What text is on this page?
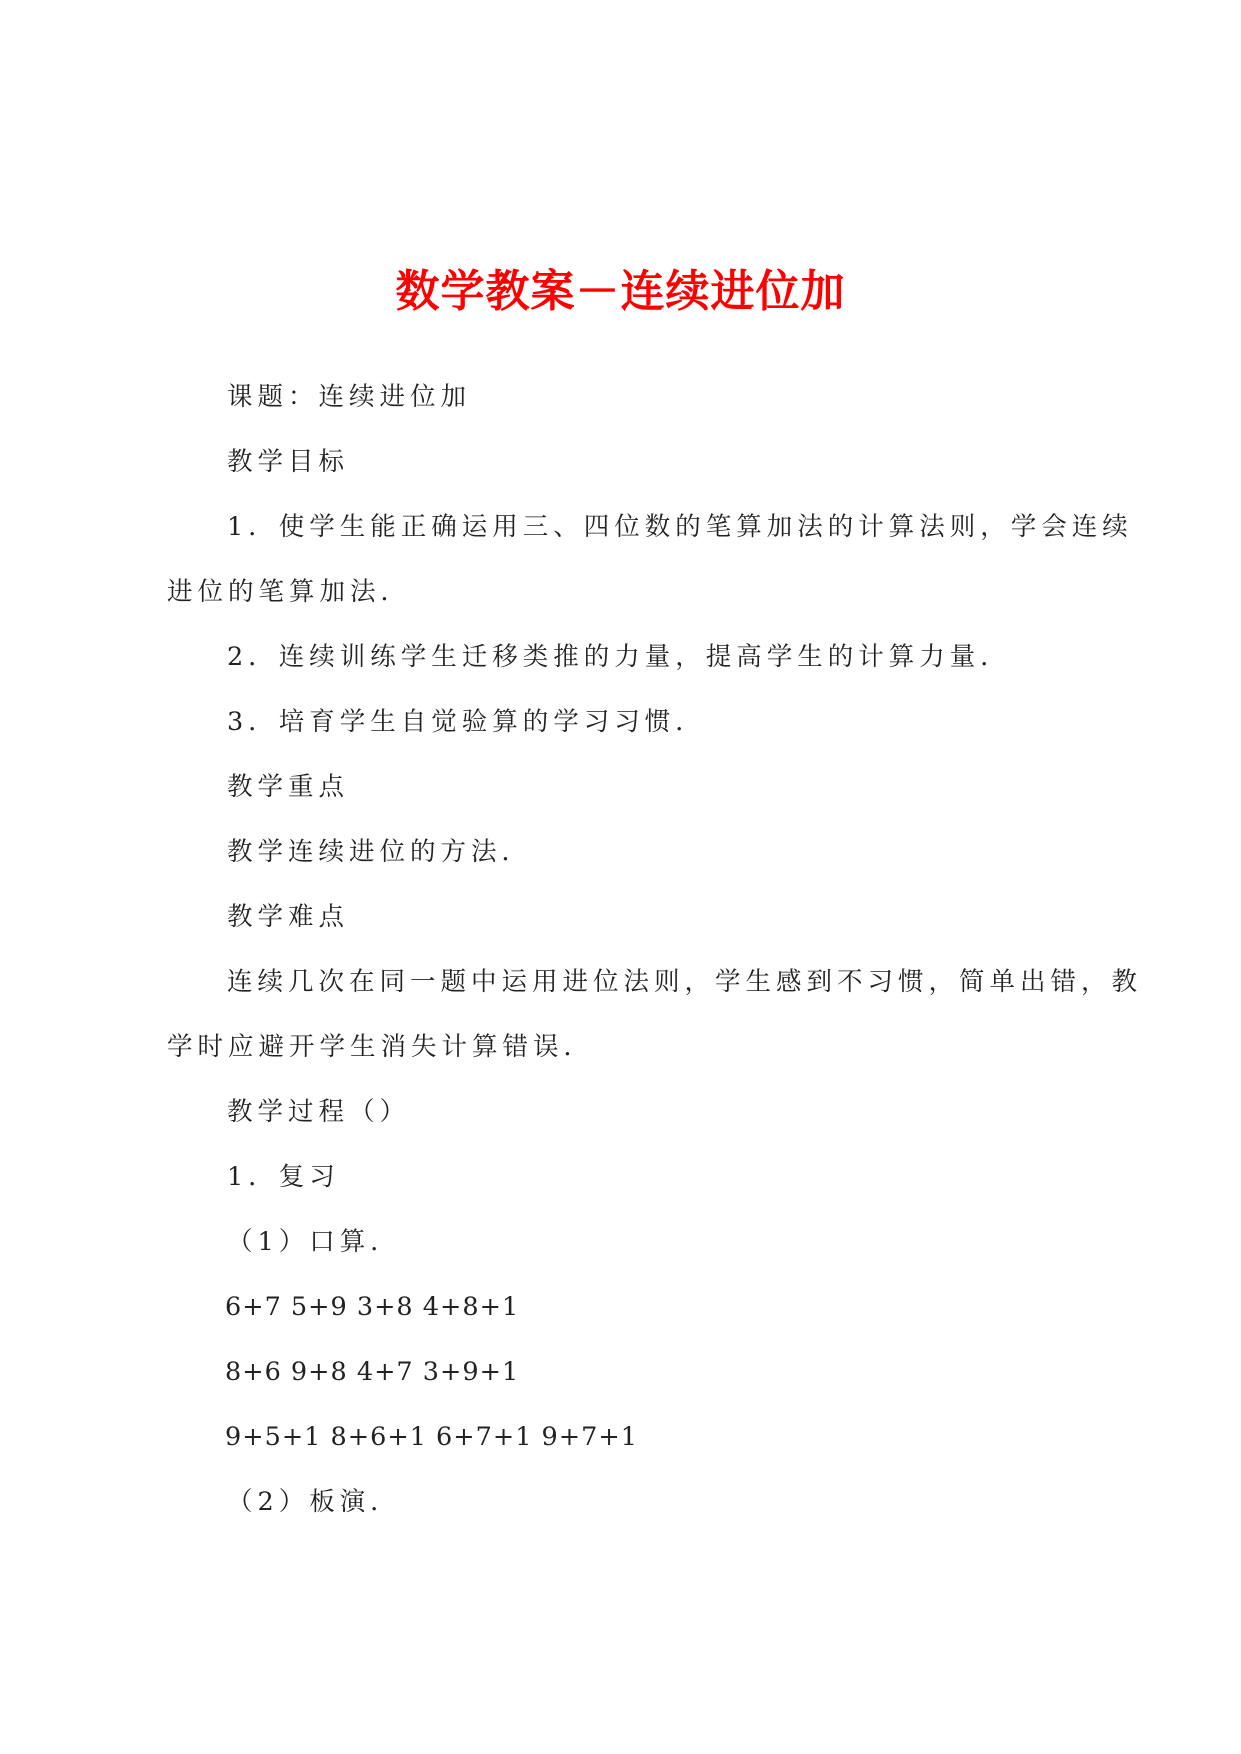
数学教案－连续进位加
课题：连续进位加
教学目标
1．使学生能正确运用三、四位数的笔算加法的计算法则，学会连续
进位的笔算加法．
2．连续训练学生迁移类推的力量，提高学生的计算力量．
3．培育学生自觉验算的学习习惯．
教学重点
教学连续进位的方法．
教学难点
连续几次在同一题中运用进位法则，学生感到不习惯，简单出错，教
学时应避开学生消失计算错误．
教学过程（）
1．复习
（1）口算．
6+7 5+9 3+8 4+8+1
8+6 9+8 4+7 3+9+1
9+5+1 8+6+1 6+7+1 9+7+1
（2）板演．
